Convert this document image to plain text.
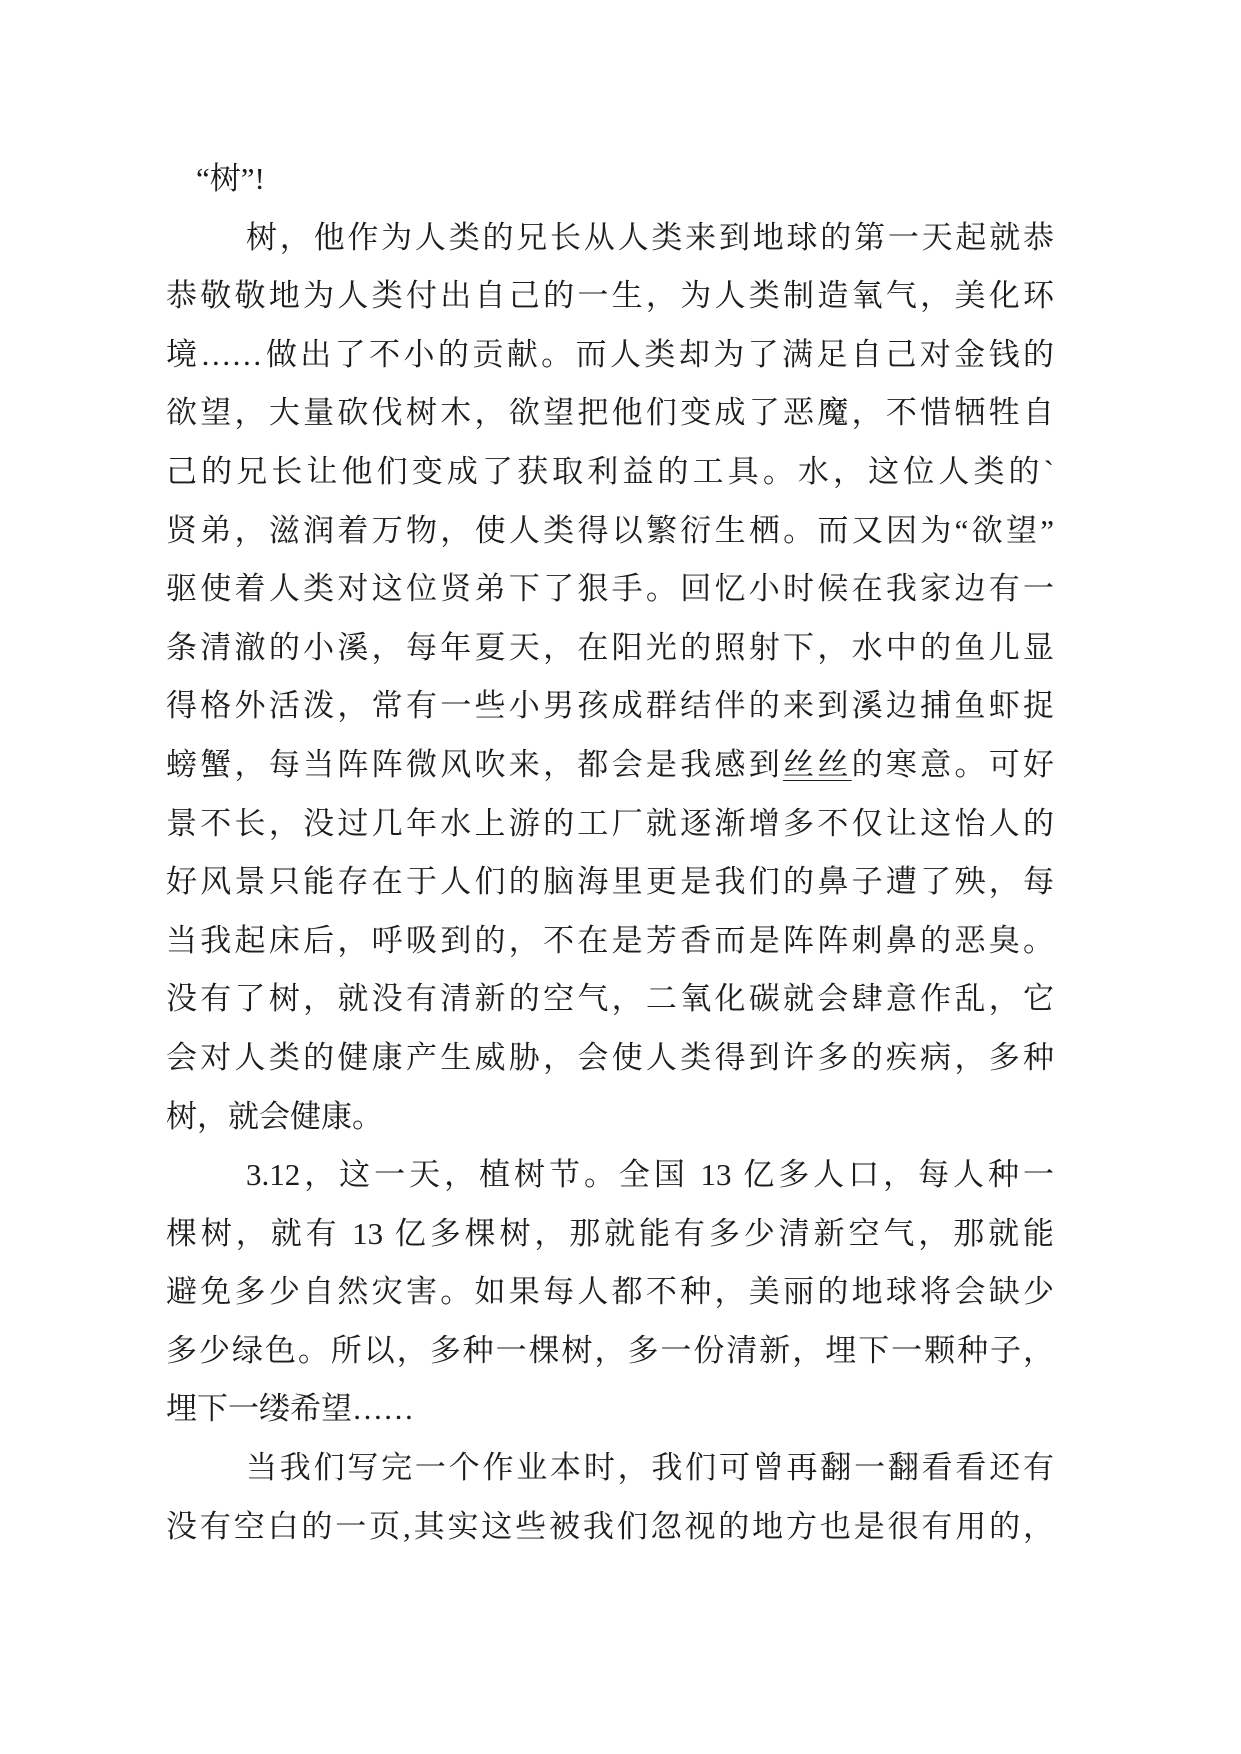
“树”!
树，他作为人类的兄长从人类来到地球的第一天起就恭
恭敬敬地为人类付出自己的一生，为人类制造氧气，美化环
境……做出了不小的贡献。而人类却为了满足自己对金钱的
欲望，大量砍伐树木，欲望把他们变成了恶魔，不惜牺牲自
己的兄长让他们变成了获取利益的工具。水，这位人类的`
贤弟，滋润着万物，使人类得以繁衍生栖。而又因为“欲望”
驱使着人类对这位贤弟下了狠手。回忆小时候在我家边有一
条清澈的小溪，每年夏天，在阳光的照射下，水中的鱼儿显
得格外活泼，常有一些小男孩成群结伴的来到溪边捕鱼虾捉
螃蟹，每当阵阵微风吹来，都会是我感到丝丝的寒意。可好
景不长，没过几年水上游的工厂就逐渐增多不仅让这怡人的
好风景只能存在于人们的脑海里更是我们的鼻子遭了殃，每
当我起床后，呼吸到的，不在是芳香而是阵阵刺鼻的恶臭。
没有了树，就没有清新的空气，二氧化碳就会肆意作乱，它
会对人类的健康产生威胁，会使人类得到许多的疾病，多种
树，就会健康。
3.12，这一天，植树节。全国 13 亿多人口，每人种一
棵树，就有 13 亿多棵树，那就能有多少清新空气，那就能
避免多少自然灾害。如果每人都不种，美丽的地球将会缺少
多少绿色。所以，多种一棵树，多一份清新，埋下一颗种子，
埋下一缕希望……
当我们写完一个作业本时，我们可曾再翻一翻看看还有
没有空白的一页,其实这些被我们忽视的地方也是很有用的，
